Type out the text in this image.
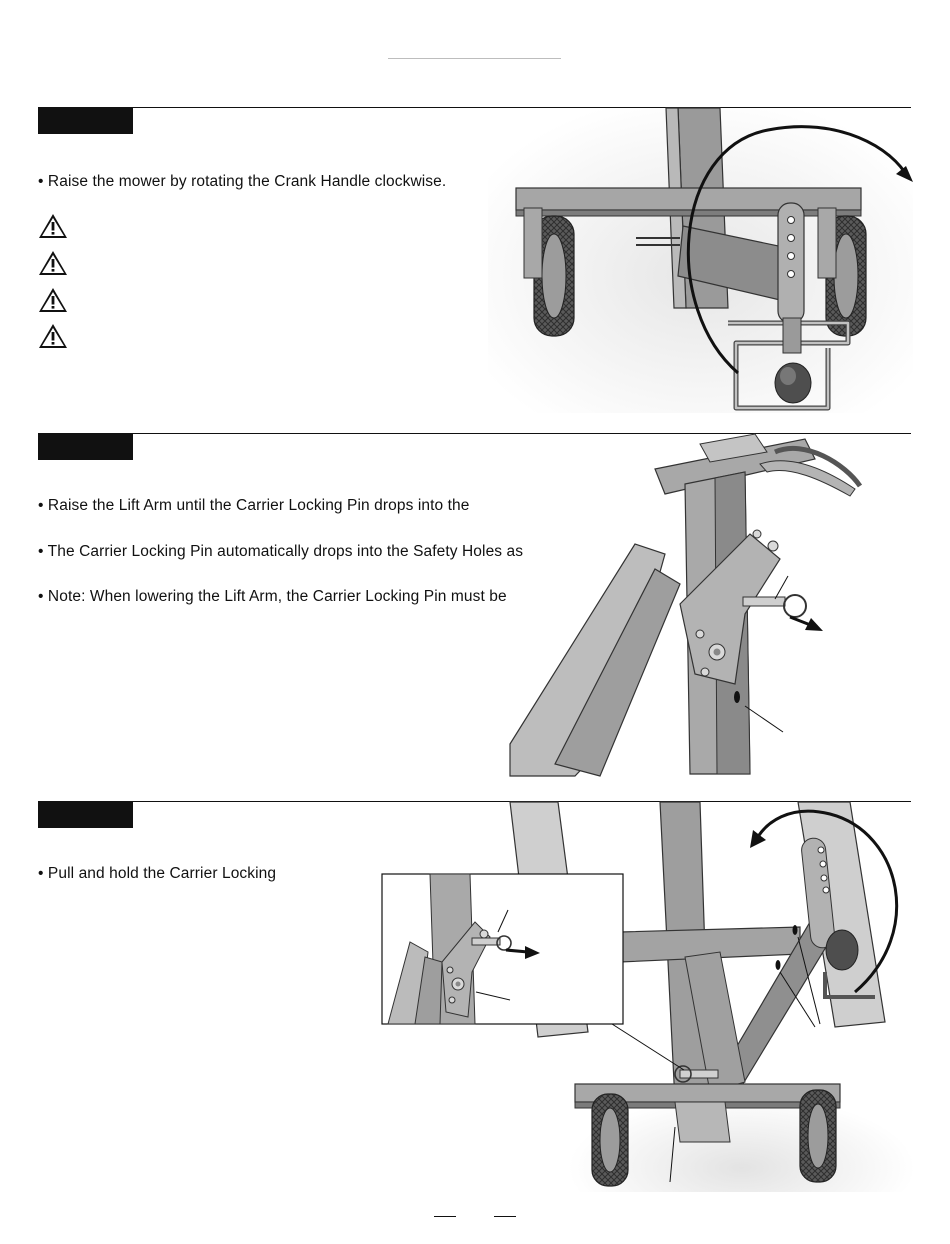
• Raise the mower by rotating the Crank Handle clockwise.
• Raise the Lift Arm until the Carrier Locking Pin drops into the
• The Carrier Locking Pin automatically drops into the Safety Holes as
• Note: When lowering the Lift Arm, the Carrier Locking Pin must be
• Pull and hold the Carrier Locking
